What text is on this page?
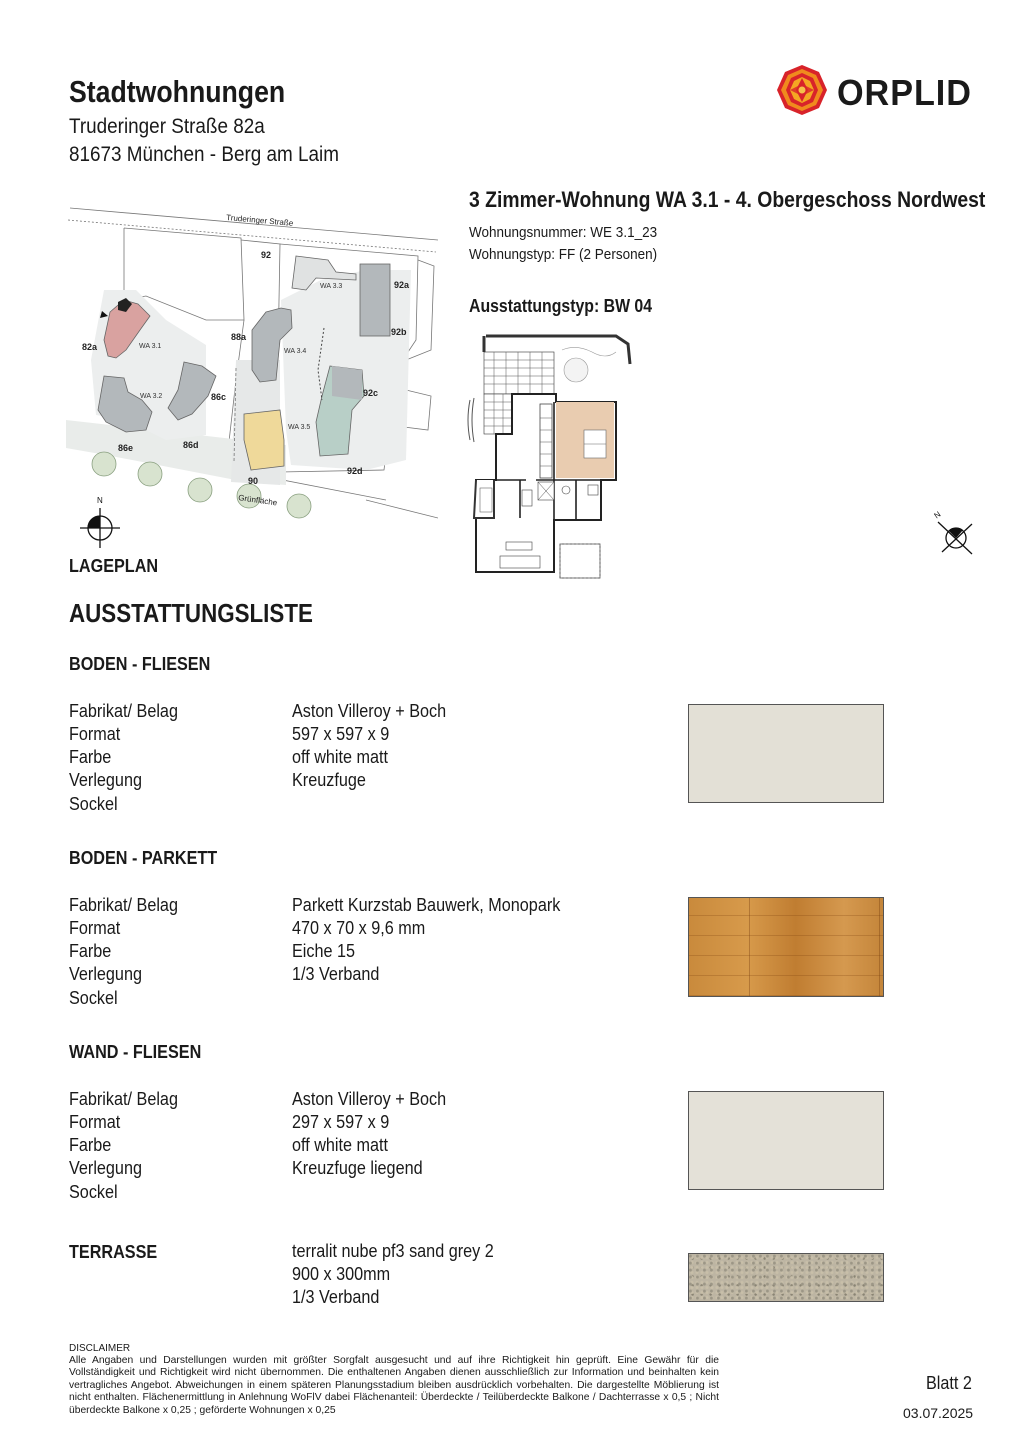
Stadtwohnungen
Truderinger Straße 82a
81673 München - Berg am Laim
ORPLID
3 Zimmer-Wohnung WA 3.1 - 4. Obergeschoss Nordwest
Wohnungsnummer: WE 3.1_23
Wohnungstyp: FF (2 Personen)
Ausstattungstyp: BW 04
Truderinger Straße
Grünfläche
WA 3.1
WA 3.2
WA 3.3
WA 3.4
WA 3.5
92
92a
92b
92c
92d
88a
82a
86c
86d
86e
90
N
LAGEPLAN
N
AUSSTATTUNGSLISTE
BODEN - FLIESEN
Fabrikat/ Belag
Format
Farbe
Verlegung
Sockel
Aston Villeroy + Boch
597 x 597 x 9
off white matt
Kreuzfuge
BODEN - PARKETT
Fabrikat/ Belag
Format
Farbe
Verlegung
Sockel
Parkett Kurzstab Bauwerk, Monopark
470 x 70 x 9,6 mm
Eiche 15
1/3 Verband
WAND - FLIESEN
Fabrikat/ Belag
Format
Farbe
Verlegung
Sockel
Aston Villeroy + Boch
297 x 597 x 9
off white matt
Kreuzfuge liegend
TERRASSE	terralit nube pf3 sand grey 2
900 x 300mm
1/3 Verband
DISCLAIMER
Alle Angaben und Darstellungen wurden mit größter Sorgfalt ausgesucht und auf ihre Richtigkeit hin geprüft. Eine Gewähr für die Vollständigkeit und Richtigkeit wird nicht übernommen. Die enthaltenen Angaben dienen ausschließlich zur Information und beinhalten kein vertragliches Angebot. Abweichungen in einem späteren Planungsstadium bleiben ausdrücklich vorbehalten. Die dargestellte Möblierung ist nicht enthalten. Flächenermittlung in Anlehnung WoFlV dabei Flächenanteil: Überdeckte / Teilüberdeckte Balkone / Dachterrasse x 0,5 ; Nicht überdeckte Balkone x 0,25 ; geförderte Wohnungen x 0,25
Blatt 2
03.07.2025
